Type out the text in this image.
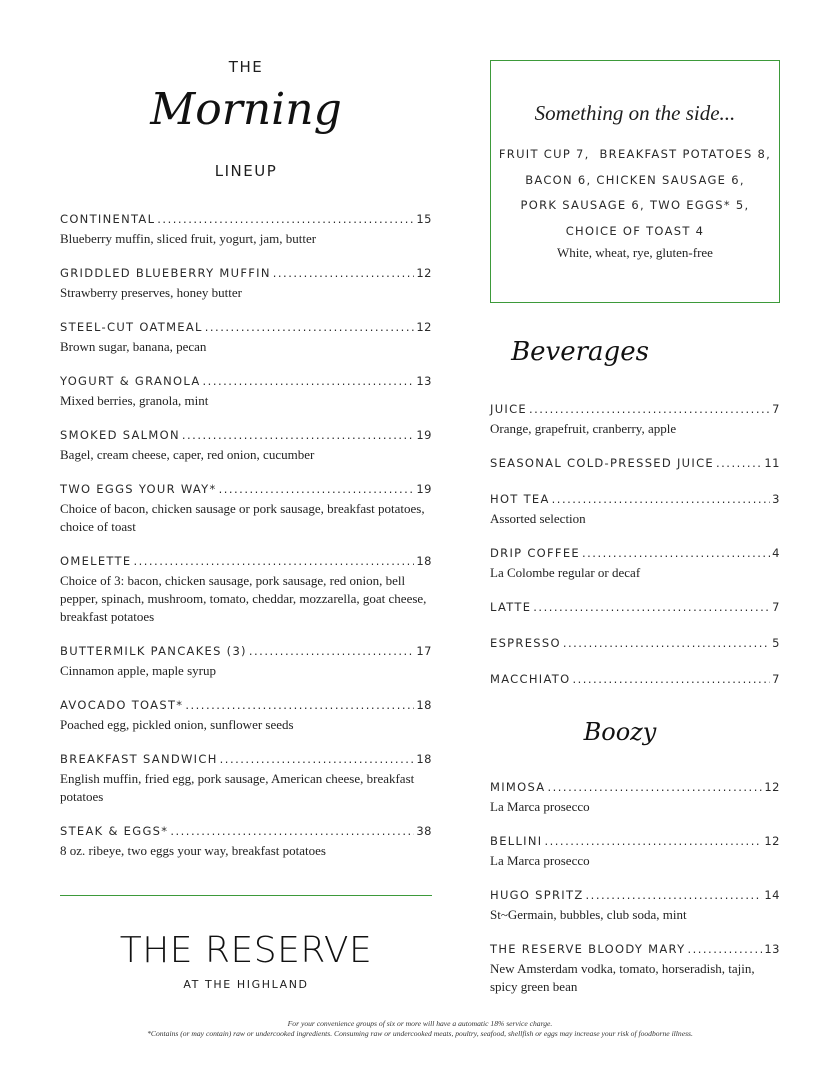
THE
Morning
LINEUP
CONTINENTAL .....	15
Blueberry muffin, sliced fruit, yogurt, jam, butter
GRIDDLED BLUEBERRY MUFFIN .....	12
Strawberry preserves, honey butter
STEEL-CUT OATMEAL .....	12
Brown sugar, banana, pecan
YOGURT & GRANOLA .....	13
Mixed berries, granola, mint
SMOKED SALMON .....	19
Bagel, cream cheese, caper, red onion, cucumber
TWO EGGS YOUR WAY* .....	19
Choice of bacon, chicken sausage or pork sausage, breakfast potatoes, choice of toast
OMELETTE .....	18
Choice of 3: bacon, chicken sausage, pork sausage, red onion, bell pepper, spinach, mushroom, tomato, cheddar, mozzarella, goat cheese, breakfast potatoes
BUTTERMILK PANCAKES (3) .....	17
Cinnamon apple, maple syrup
AVOCADO TOAST* .....	18
Poached egg, pickled onion, sunflower seeds
BREAKFAST SANDWICH .....	18
English muffin, fried egg, pork sausage, American cheese, breakfast potatoes
STEAK & EGGS* .....	38
8 oz. ribeye, two eggs your way, breakfast potatoes
THE RESERVE
AT THE HIGHLAND
Something on the side...
FRUIT CUP 7,  BREAKFAST POTATOES 8,
BACON 6, CHICKEN SAUSAGE 6,
PORK SAUSAGE 6, TWO EGGS* 5,
CHOICE OF TOAST 4
White, wheat, rye, gluten-free
Beverages
JUICE .....	7
Orange, grapefruit, cranberry, apple
SEASONAL COLD-PRESSED JUICE .....	11
HOT TEA .....	3
Assorted selection
DRIP COFFEE .....	4
La Colombe regular or decaf
LATTE .....	7
ESPRESSO .....	5
MACCHIATO .....	7
Boozy
MIMOSA .....	12
La Marca prosecco
BELLINI .....	12
La Marca prosecco
HUGO SPRITZ .....	14
St~Germain, bubbles, club soda, mint
THE RESERVE BLOODY MARY .....	13
New Amsterdam vodka, tomato, horseradish, tajin, spicy green bean
For your convenience groups of six or more will have a automatic 18% service charge.
*Contains (or may contain) raw or undercooked ingredients. Consuming raw or undercooked meats, poultry, seafood, shellfish or eggs may increase your risk of foodborne illness.
